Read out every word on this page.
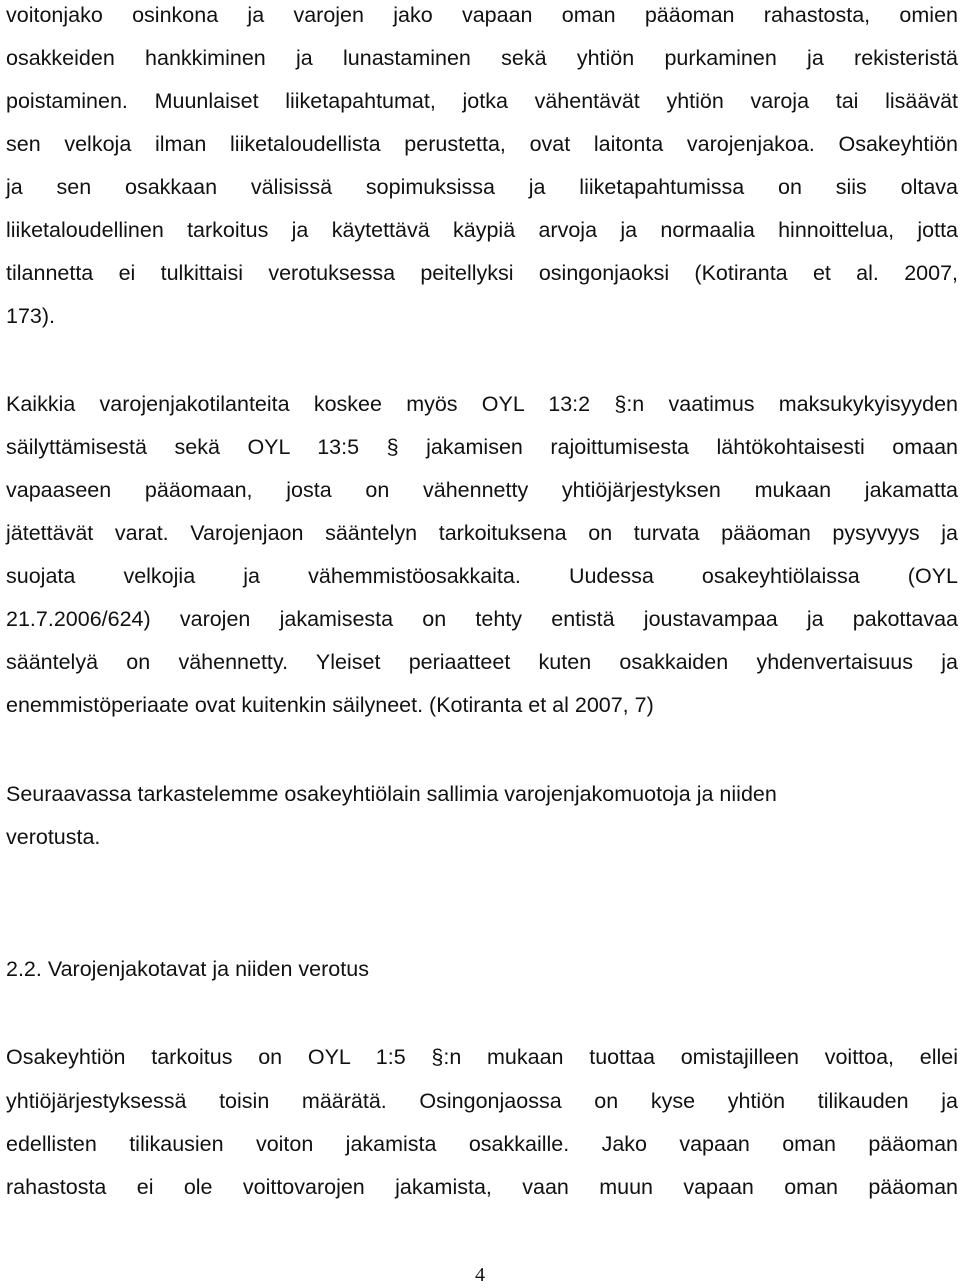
voitonjako osinkona ja varojen jako vapaan oman pääoman rahastosta, omien
osakkeiden hankkiminen ja lunastaminen sekä yhtiön purkaminen ja rekisteristä
poistaminen. Muunlaiset liiketapahtumat, jotka vähentävät yhtiön varoja tai lisäävät
sen velkoja ilman liiketaloudellista perustetta, ovat laitonta varojenjakoa. Osakeyhtiön
ja sen osakkaan välisissä sopimuksissa ja liiketapahtumissa on siis oltava
liiketaloudellinen tarkoitus ja käytettävä käypiä arvoja ja normaalia hinnoittelua, jotta
tilannetta ei tulkittaisi verotuksessa peitellyksi osingonjaoksi (Kotiranta et al. 2007,
173).
Kaikkia varojenjakotilanteita koskee myös OYL 13:2 §:n vaatimus maksukykyisyyden
säilyttämisestä sekä OYL 13:5 § jakamisen rajoittumisesta lähtökohtaisesti omaan
vapaaseen pääomaan, josta on vähennetty yhtiöjärjestyksen mukaan jakamatta
jätettävät varat. Varojenjaon sääntelyn tarkoituksena on turvata pääoman pysyvyys ja
suojata velkojia ja vähemmistöosakkaita. Uudessa osakeyhtiölaissa (OYL
21.7.2006/624) varojen jakamisesta on tehty entistä joustavampaa ja pakottavaa
sääntelyä on vähennetty. Yleiset periaatteet kuten osakkaiden yhdenvertaisuus ja
enemmistöperiaate ovat kuitenkin säilyneet. (Kotiranta et al 2007, 7)
Seuraavassa tarkastelemme osakeyhtiölain sallimia varojenjakomuotoja ja niiden
verotusta.
2.2. Varojenjakotavat ja niiden verotus
Osakeyhtiön tarkoitus on OYL 1:5 §:n mukaan tuottaa omistajilleen voittoa, ellei
yhtiöjärjestyksessä toisin määrätä. Osingonjaossa on kyse yhtiön tilikauden ja
edellisten tilikausien voiton jakamista osakkaille. Jako vapaan oman pääoman
rahastosta ei ole voittovarojen jakamista, vaan muun vapaan oman pääoman
4
